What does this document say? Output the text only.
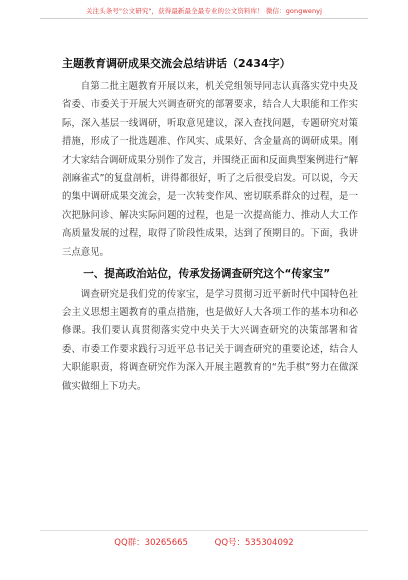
关注头条号"公文研究"，获得最新最全最专业的公文资料库！ 微信：gongwenyj
主题教育调研成果交流会总结讲话（2434字）

自第二批主题教育开展以来，机关党组领导同志认真落实党中央及省委、市委关于开展大兴调查研究的部署要求，结合人大职能和工作实际，深入基层一线调研，听取意见建议，深入查找问题，专题研究对策措施，形成了一批选题准、作风实、成果好、含金量高的调研成果。刚才大家结合调研成果分别作了发言，并围绕正面和反面典型案例进行“解剖麻雀式”的复盘剖析，讲得都很好，听了之后很受启发。可以说，今天的集中调研成果交流会，是一次转变作风、密切联系群众的过程，是一次把脉问诊、解决实际问题的过程，也是一次提高能力、推动人大工作高质量发展的过程，取得了阶段性成果，达到了预期目的。下面，我讲三点意见。

一、提高政治站位，传承发扬调查研究这个“传家宝”

调查研究是我们党的传家宝，是学习贯彻习近平新时代中国特色社会主义思想主题教育的重点措施，也是做好人大各项工作的基本功和必修课。我们要认真贯彻落实党中央关于大兴调查研究的决策部署和省委、市委工作要求践行习近平总书记关于调查研究的重要论述，结合人大职能职责，将调查研究作为深入开展主题教育的“先手棋”努力在做深做实做细上下功夫。

QQ群：30265665	QQ号：535304092
